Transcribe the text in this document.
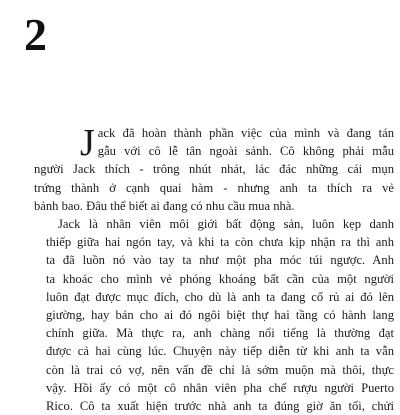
2

J ack đã hoàn thành phần việc của mình và đang tán
gẫu với cô lễ tân ngoài sảnh. Cô không phải mẫu
người Jack thích - trông nhút nhát, lác đác những cái mụn
trứng thành ở cạnh quai hàm - nhưng anh ta thích ra vẻ
bảnh bao. Đâu thể biết ai đang có nhu cầu mua nhà.

Jack là nhân viên môi giới bất động sản, luôn kẹp danh
thiếp giữa hai ngón tay, và khi ta còn chưa kịp nhận ra thì anh
ta đã luồn nó vào tay ta như một pha móc túi ngược. Anh
ta khoác cho mình vẻ phóng khoáng bất cần của một người
luôn đạt được mục đích, cho dù là anh ta đang cố rủ ai đó lên
giường, hay bán cho ai đó ngôi biệt thự hai tầng có hành lang
chính giữa. Mà thực ra, anh chàng nổi tiếng là thường đạt
được cả hai cùng lúc. Chuyện này tiếp diễn từ khi anh ta vẫn
còn là trai có vợ, nên vấn đề chỉ là sớm muộn mà thôi, thực
vậy. Hồi ấy có một cô nhân viên pha chế rượu người Puerto
Rico. Cô ta xuất hiện trước nhà anh ta đúng giờ ăn tối, chửi
